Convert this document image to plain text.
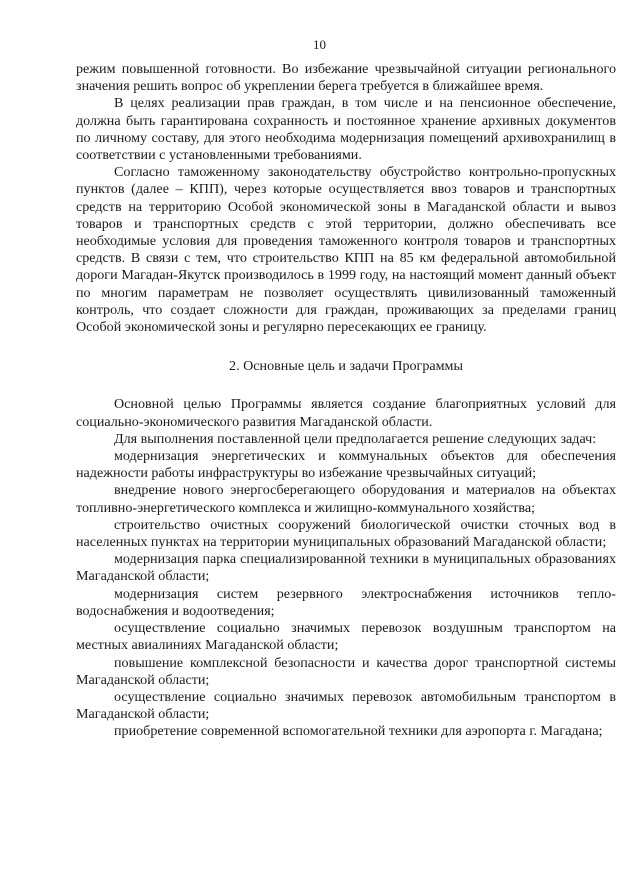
10

режим повышенной готовности. Во избежание чрезвычайной ситуации регионального значения решить вопрос об укреплении берега требуется в ближайшее время.

В целях реализации прав граждан, в том числе и на пенсионное обеспечение, должна быть гарантирована сохранность и постоянное хранение архивных документов по личному составу, для этого необходима модернизация помещений архивохранилищ в соответствии с установленными требованиями.

Согласно таможенному законодательству обустройство контрольно-пропускных пунктов (далее – КПП), через которые осуществляется ввоз товаров и транспортных средств на территорию Особой экономической зоны в Магаданской области и вывоз товаров и транспортных средств с этой территории, должно обеспечивать все необходимые условия для проведения таможенного контроля товаров и транспортных средств. В связи с тем, что строительство КПП на 85 км федеральной автомобильной дороги Магадан-Якутск производилось в 1999 году, на настоящий момент данный объект по многим параметрам не позволяет осуществлять цивилизованный таможенный контроль, что создает сложности для граждан, проживающих за пределами границ Особой экономической зоны и регулярно пересекающих ее границу.

2. Основные цель и задачи Программы

Основной целью Программы является создание благоприятных условий для социально-экономического развития Магаданской области.

Для выполнения поставленной цели предполагается решение следующих задач:

модернизация энергетических и коммунальных объектов для обеспечения надежности работы инфраструктуры во избежание чрезвычайных ситуаций;

внедрение нового энергосберегающего оборудования и материалов на объектах топливно-энергетического комплекса и жилищно-коммунального хозяйства;

строительство очистных сооружений биологической очистки сточных вод в населенных пунктах на территории муниципальных образований Магаданской области;

модернизация парка специализированной техники в муниципальных образованиях Магаданской области;

модернизация систем резервного электроснабжения источников тепло-водоснабжения и водоотведения;

осуществление социально значимых перевозок воздушным транспортом на местных авиалиниях Магаданской области;

повышение комплексной безопасности и качества дорог транспортной системы Магаданской области;

осуществление социально значимых перевозок автомобильным транспортом в Магаданской области;

приобретение современной вспомогательной техники для аэропорта г. Магадана;
